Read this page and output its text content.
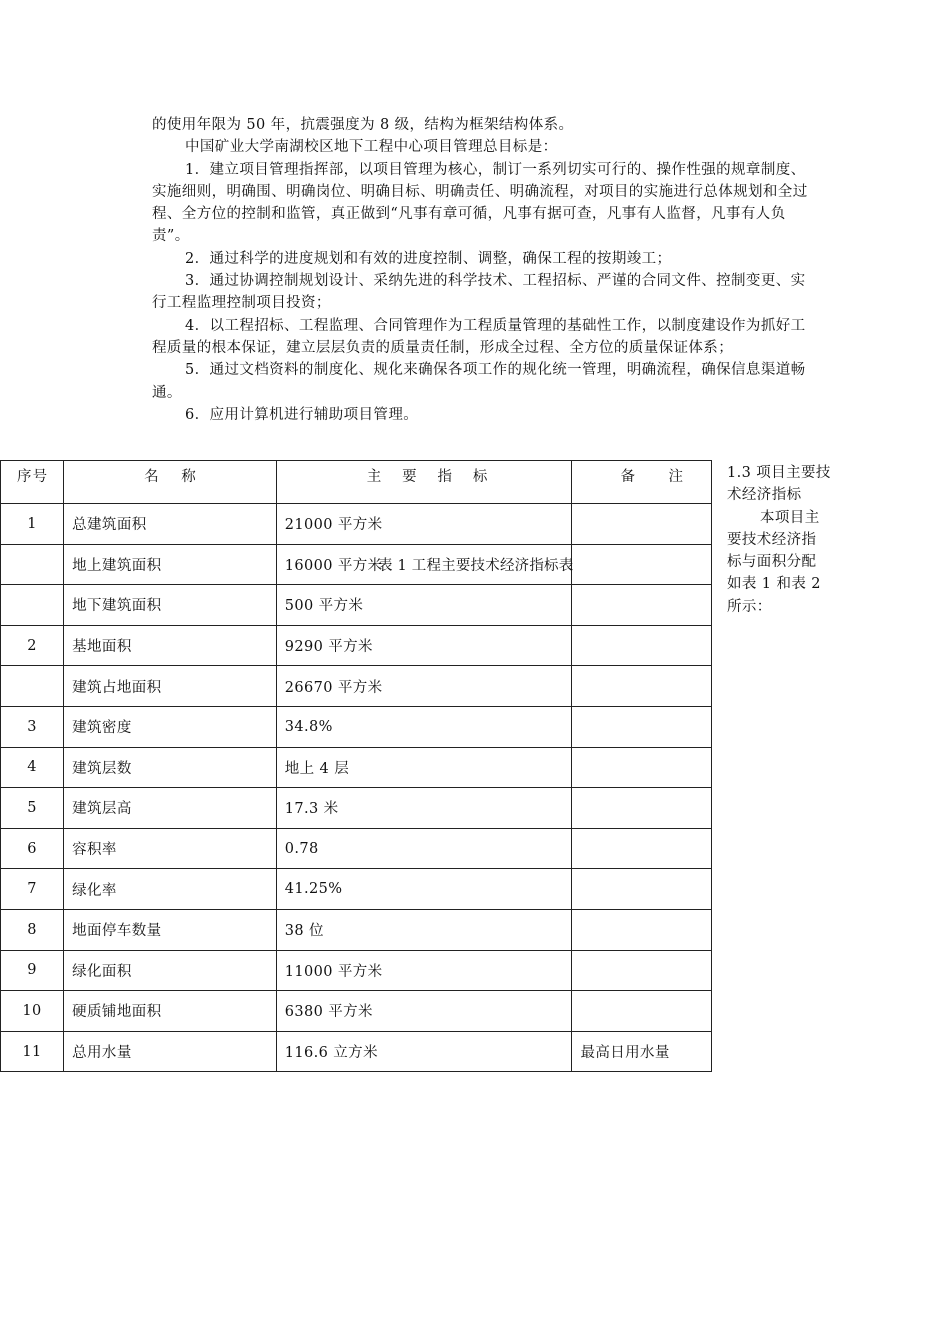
的使用年限为 50 年，抗震强度为 8 级，结构为框架结构体系。

中国矿业大学南湖校区地下工程中心项目管理总目标是：

1．建立项目管理指挥部，以项目管理为核心，制订一系列切实可行的、操作性强的规章制度、实施细则，明确围、明确岗位、明确目标、明确责任、明确流程，对项目的实施进行总体规划和全过程、全方位的控制和监管，真正做到“凡事有章可循，凡事有据可查，凡事有人监督，凡事有人负责”。

2．通过科学的进度规划和有效的进度控制、调整，确保工程的按期竣工；

3．通过协调控制规划设计、采纳先进的科学技术、工程招标、严谨的合同文件、控制变更、实行工程监理控制项目投资；

4．以工程招标、工程监理、合同管理作为工程质量管理的基础性工作，以制度建设作为抓好工程质量的根本保证，建立层层负责的质量责任制，形成全过程、全方位的质量保证体系；

5．通过文档资料的制度化、规化来确保各项工作的规化统一管理，明确流程，确保信息渠道畅通。

6．应用计算机进行辅助项目管理。

序 号	名 称	主 要 指 标	备 注

1	总建筑面积	21000 平方米	
	地上建筑面积	16000 平方米	
	地下建筑面积	500 平方米	
2	基地面积	9290 平方米	
	建筑占地面积	26670 平方米	
3	建筑密度	34.8%	
4	建筑层数	地上 4 层	
5	建筑层高	17.3 米	
6	容积率	0.78	
7	绿化率	41.25%	
8	地面停车数量	38 位	
9	绿化面积	11000 平方米	
10	硬质铺地面积	6380 平方米	
11	总用水量	116.6 立方米	最高日用水量
表 1 工程主要技术经济指标表

1.3 项目主要技术经济指标

本项目主要技术经济指标与面积分配如表 1 和表 2 所示：
